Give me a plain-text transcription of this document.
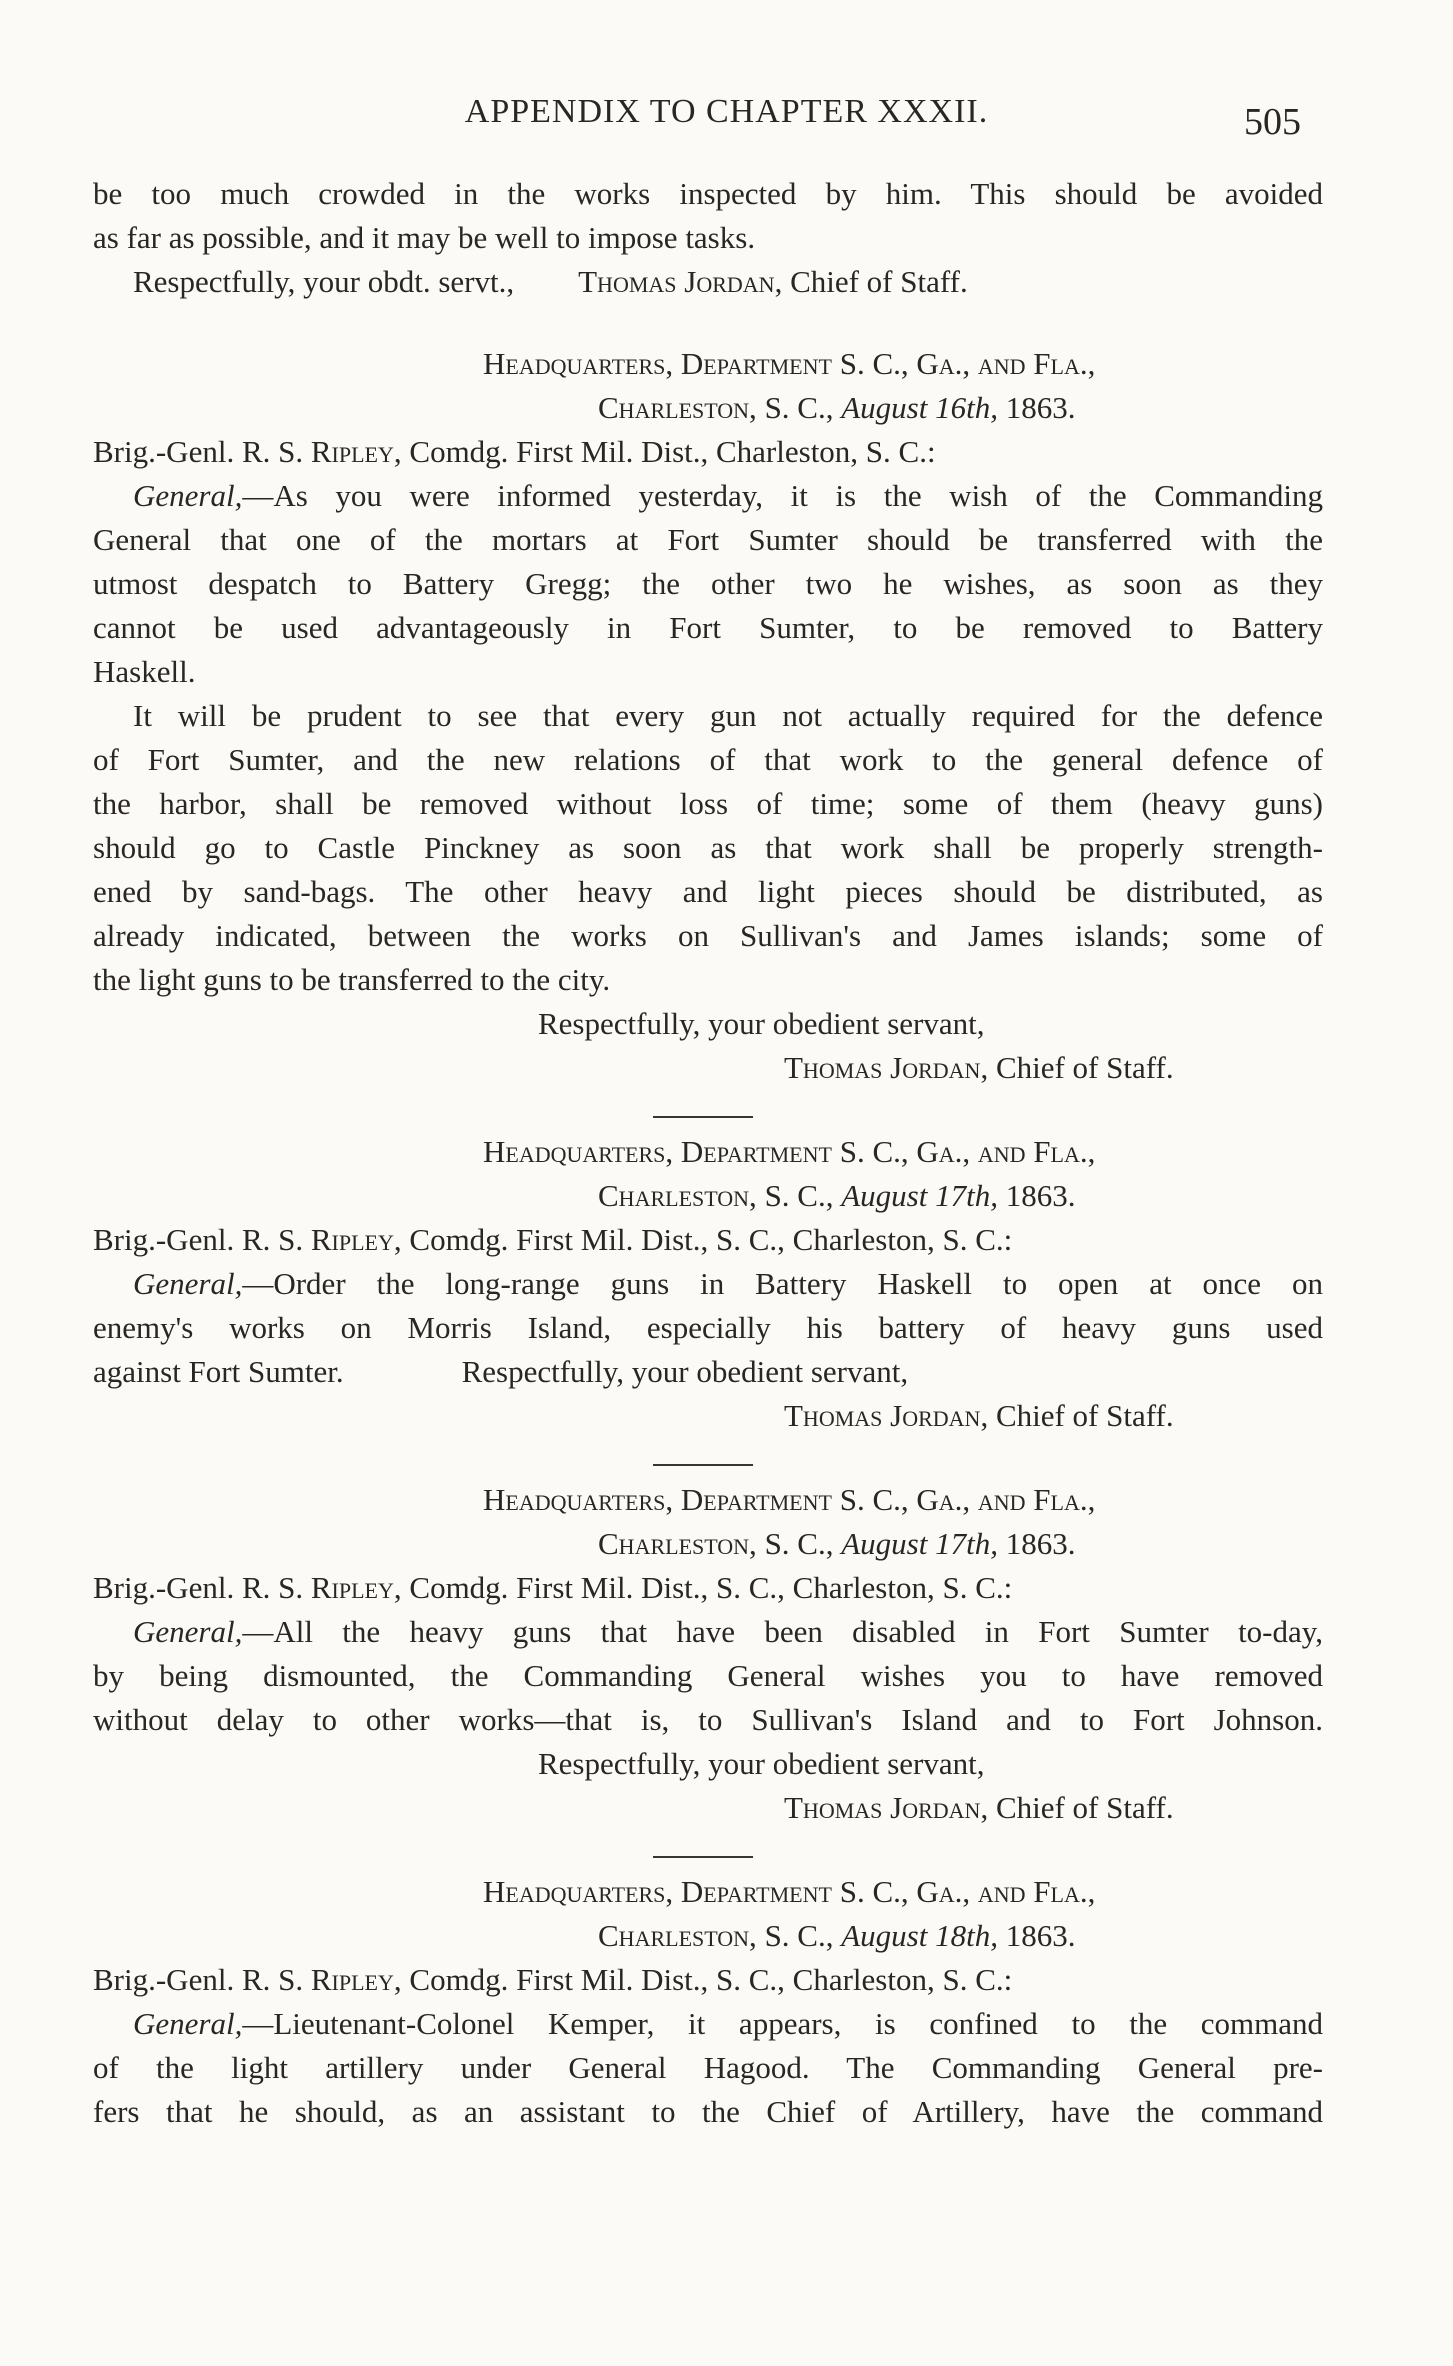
APPENDIX TO CHAPTER XXXII.	505

be too much crowded in the works inspected by him. This should be avoided

as far as possible, and it may be well to impose tasks.

Respectfully, your obdt. servt., Thomas Jordan, Chief of Staff.

Headquarters, Department S. C., Ga., and Fla.,

Charleston, S. C., August 16th, 1863.

Brig.-Genl. R. S. Ripley, Comdg. First Mil. Dist., Charleston, S. C.:

General,—As you were informed yesterday, it is the wish of the Commanding

General that one of the mortars at Fort Sumter should be transferred with the

utmost despatch to Battery Gregg; the other two he wishes, as soon as they

cannot be used advantageously in Fort Sumter, to be removed to Battery

Haskell.

It will be prudent to see that every gun not actually required for the defence

of Fort Sumter, and the new relations of that work to the general defence of

the harbor, shall be removed without loss of time; some of them (heavy guns)

should go to Castle Pinckney as soon as that work shall be properly strength-

ened by sand-bags. The other heavy and light pieces should be distributed, as

already indicated, between the works on Sullivan's and James islands; some of

the light guns to be transferred to the city.

Respectfully, your obedient servant,

Thomas Jordan, Chief of Staff.

Headquarters, Department S. C., Ga., and Fla.,

Charleston, S. C., August 17th, 1863.

Brig.-Genl. R. S. Ripley, Comdg. First Mil. Dist., S. C., Charleston, S. C.:

General,—Order the long-range guns in Battery Haskell to open at once on

enemy's works on Morris Island, especially his battery of heavy guns used

against Fort Sumter.	Respectfully, your obedient servant,

Thomas Jordan, Chief of Staff.

Headquarters, Department S. C., Ga., and Fla.,

Charleston, S. C., August 17th, 1863.

Brig.-Genl. R. S. Ripley, Comdg. First Mil. Dist., S. C., Charleston, S. C.:

General,—All the heavy guns that have been disabled in Fort Sumter to-day,

by being dismounted, the Commanding General wishes you to have removed

without delay to other works—that is, to Sullivan's Island and to Fort Johnson.

Respectfully, your obedient servant,

Thomas Jordan, Chief of Staff.

Headquarters, Department S. C., Ga., and Fla.,

Charleston, S. C., August 18th, 1863.

Brig.-Genl. R. S. Ripley, Comdg. First Mil. Dist., S. C., Charleston, S. C.:

General,—Lieutenant-Colonel Kemper, it appears, is confined to the command

of the light artillery under General Hagood. The Commanding General pre-

fers that he should, as an assistant to the Chief of Artillery, have the command
